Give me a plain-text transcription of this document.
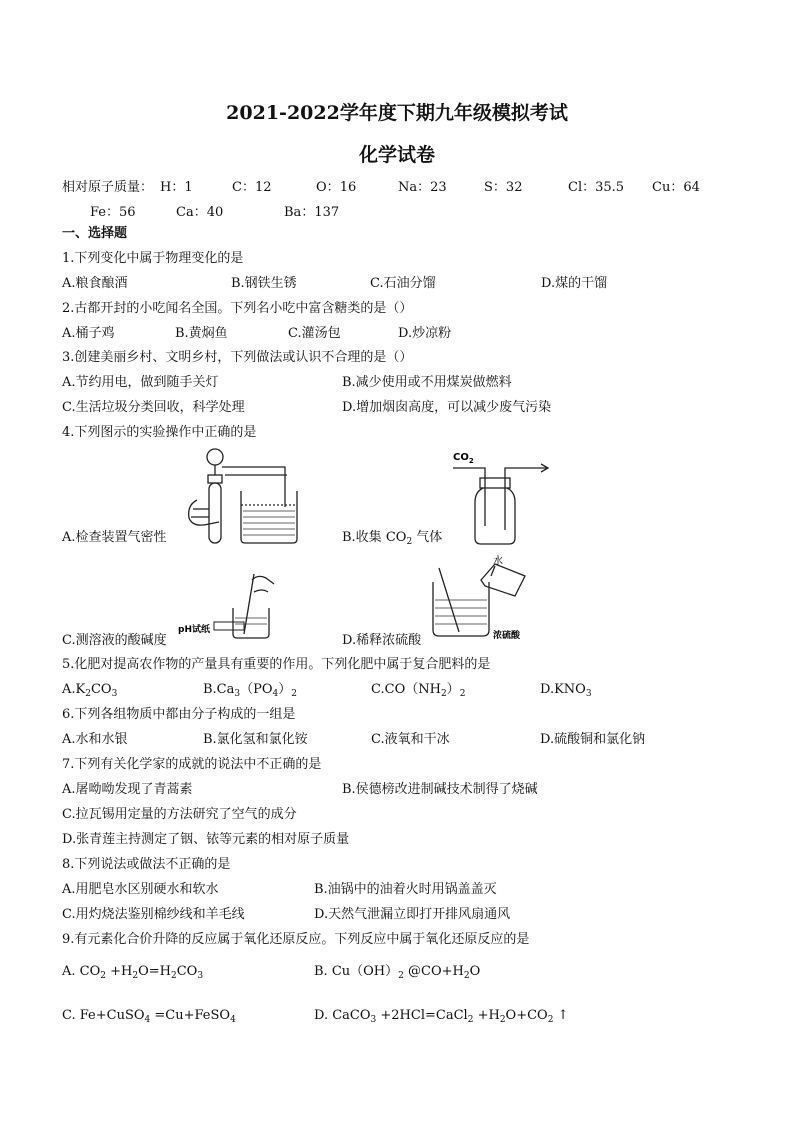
2021-2022学年度下期九年级模拟考试
化学试卷
相对原子质量： H：1	C：12	O：16	Na：23	S：32	Cl：35.5 Cu：64
Fe：56	Ca：40	Ba：137
一、选择题
1.下列变化中属于物理变化的是
A.粮食酿酒	B.钢铁生锈	C.石油分馏	D.煤的干馏
2.古都开封的小吃闻名全国。下列名小吃中富含糖类的是（）
A.桶子鸡	B.黄焖鱼	C.灌汤包	D.炒凉粉
3.创建美丽乡村、文明乡村，下列做法或认识不合理的是（）
A.节约用电，做到随手关灯	B.减少使用或不用煤炭做燃料
C.生活垃圾分类回收，科学处理	D.增加烟囱高度，可以减少废气污染
4.下列图示的实验操作中正确的是
A.检查装置气密性
$CO_2$
B.收集 $CO_2$ 气体
pH试纸
C.测溶液的酸碱度
水
浓硫酸
D.稀释浓硫酸
5.化肥对提高农作物的产量具有重要的作用。下列化肥中属于复合肥料的是
$A.K_2CO_3$	$B.Ca_3(PO_4)_2$	$C.CO(NH_2)_2$	$D.KNO_3$
6.下列各组物质中都由分子构成的一组是
A.水和水银	B.氯化氢和氯化铵	C.液氧和干冰	D.硫酸铜和氯化钠
7.下列有关化学家的成就的说法中不正确的是
A.屠呦呦发现了青蒿素	B.侯德榜改进制碱技术制得了烧碱
C.拉瓦锡用定量的方法研究了空气的成分
D.张青莲主持测定了铟、铱等元素的相对原子质量
8.下列说法或做法不正确的是
A.用肥皂水区别硬水和软水	B.油锅中的油着火时用锅盖盖灭
C.用灼烧法鉴别棉纱线和羊毛线	D.天然气泄漏立即打开排风扇通风
9.有元素化合价升降的反应属于氧化还原反应。下列反应中属于氧化还原反应的是
A. $CO_2 +H_2O=H_2CO_3$	B. $Cu(OH)_2$ $@CO+H_2O$
C. Fe+CuSO$_4$ =Cu+FeSO$_4$	D. CaCO$_3$ +2HCl=CaCl$_2$ $+H_2O+CO_2$ ↑
